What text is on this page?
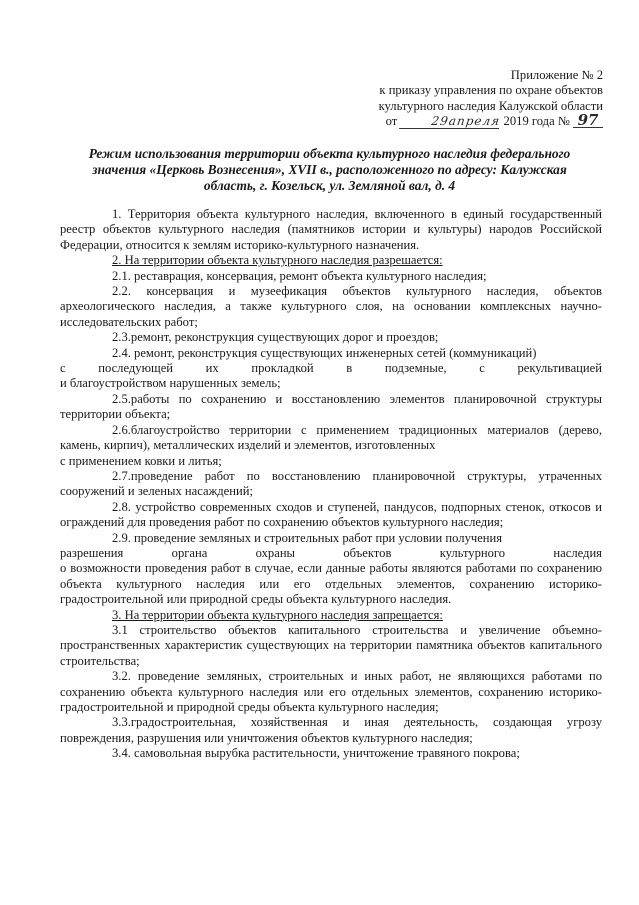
Приложение № 2
к приказу управления по охране объектов
культурного наследия Калужской области
от	29апреля 2019 года № 97
Режим использования территории объекта культурного наследия федерального
значения «Церковь Вознесения», XVII в., расположенного по адресу: Калужская
область, г. Козельск, ул. Земляной вал, д. 4

1. Территория объекта культурного наследия, включенного в единый государственный реестр объектов культурного наследия (памятников истории и культуры) народов Российской Федерации, относится к землям историко-культурного назначения.

2. На территории объекта культурного наследия разрешается:

2.1. реставрация, консервация, ремонт объекта культурного наследия;

2.2. консервация и музеефикация объектов культурного наследия, объектов археологического наследия, а также культурного слоя, на основании комплексных научно-исследовательских работ;

2.3.ремонт, реконструкция существующих дорог и проездов;

2.4. ремонт, реконструкция существующих инженерных сетей (коммуникаций)

с	последующей	их	прокладкой	в	подземные,	с	рекультивацией

и благоустройством нарушенных земель;

2.5.работы по сохранению и восстановлению элементов планировочной структуры территории объекта;

2.6.благоустройство территории с применением традиционных материалов (дерево, камень, кирпич), металлических изделий и элементов, изготовленных

с применением ковки и литья;

2.7.проведение работ по восстановлению планировочной структуры, утраченных сооружений и зеленых насаждений;

2.8. устройство современных сходов и ступеней, пандусов, подпорных стенок, откосов и ограждений для проведения работ по сохранению объектов культурного наследия;

2.9. проведение земляных и строительных работ при условии получения

разрешения	органа	охраны	объектов	культурного	наследия

о возможности проведения работ в случае, если данные работы являются работами по сохранению объекта культурного наследия или его отдельных элементов, сохранению историко-градостроительной или природной среды объекта культурного наследия.

3. На территории объекта культурного наследия запрещается:

3.1 строительство объектов капитального строительства и увеличение объемно-пространственных характеристик существующих на территории памятника объектов капитального строительства;

3.2. проведение земляных, строительных и иных работ, не являющихся работами по сохранению объекта культурного наследия или его отдельных элементов, сохранению историко-градостроительной и природной среды объекта культурного наследия;

3.3.градостроительная, хозяйственная и иная деятельность, создающая угрозу повреждения, разрушения или уничтожения объектов культурного наследия;

3.4. самовольная вырубка растительности, уничтожение травяного покрова;
